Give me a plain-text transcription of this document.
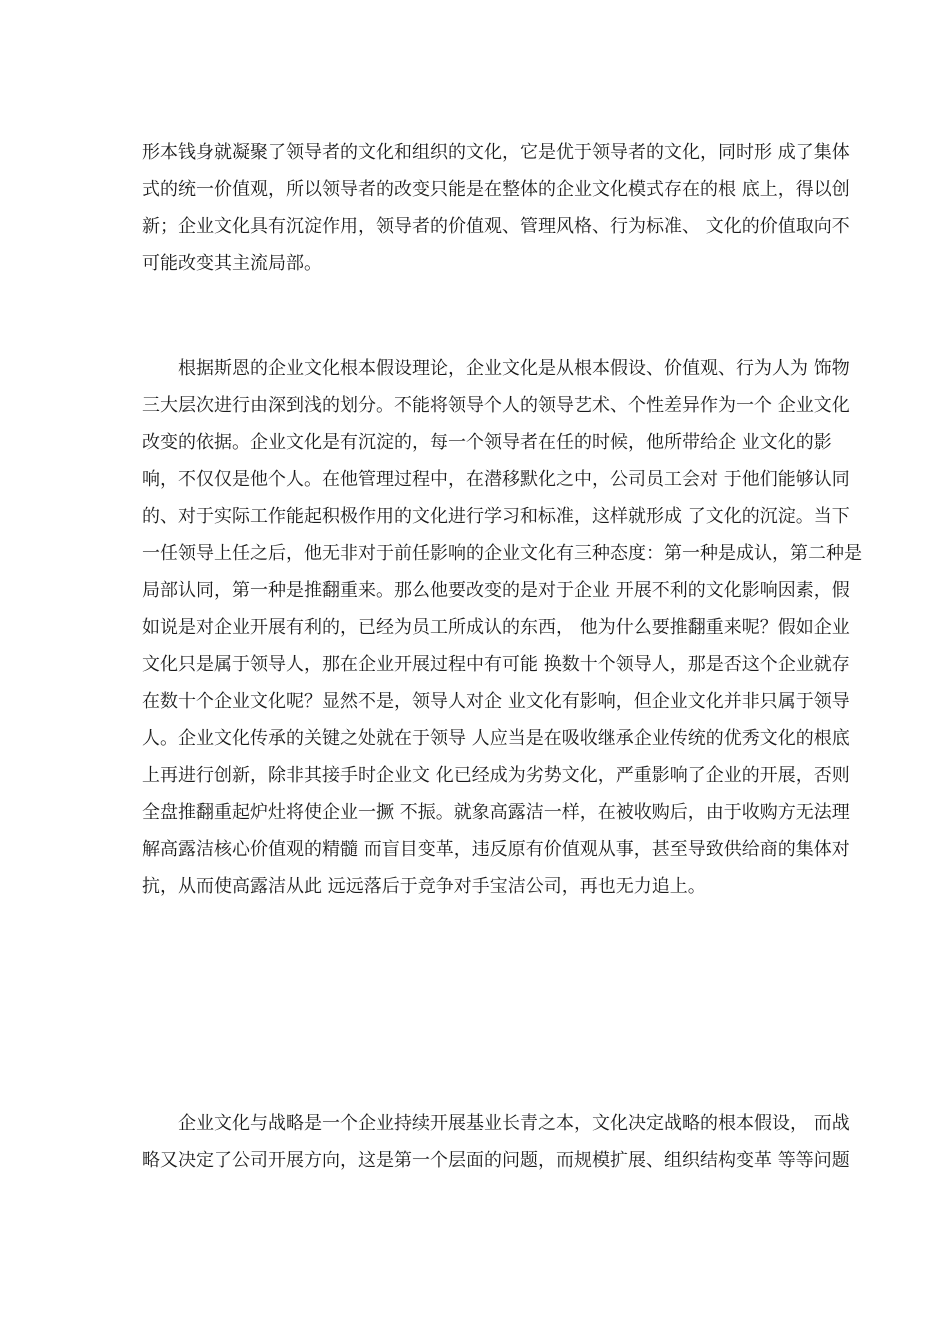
形本钱身就凝聚了领导者的文化和组织的文化，它是优于领导者的文化，同时形 成了集体
式的统一价值观，所以领导者的改变只能是在整体的企业文化模式存在的根 底上，得以创
新；企业文化具有沉淀作用，领导者的价值观、管理风格、行为标准、 文化的价值取向不
可能改变其主流局部。
根据斯恩的企业文化根本假设理论，企业文化是从根本假设、价值观、行为人为 饰物
三大层次进行由深到浅的划分。不能将领导个人的领导艺术、个性差异作为一个 企业文化
改变的依据。企业文化是有沉淀的，每一个领导者在任的时候，他所带给企 业文化的影
响，不仅仅是他个人。在他管理过程中，在潜移默化之中，公司员工会对 于他们能够认同
的、对于实际工作能起积极作用的文化进行学习和标准，这样就形成 了文化的沉淀。当下
一任领导上任之后，他无非对于前任影响的企业文化有三种态度：第一种是成认，第二种是
局部认同，第一种是推翻重来。那么他要改变的是对于企业 开展不利的文化影响因素，假
如说是对企业开展有利的，已经为员工所成认的东西， 他为什么要推翻重来呢？假如企业
文化只是属于领导人，那在企业开展过程中有可能 换数十个领导人，那是否这个企业就存
在数十个企业文化呢？显然不是，领导人对企 业文化有影响，但企业文化并非只属于领导
人。企业文化传承的关键之处就在于领导 人应当是在吸收继承企业传统的优秀文化的根底
上再进行创新，除非其接手时企业文 化已经成为劣势文化，严重影响了企业的开展，否则
全盘推翻重起炉灶将使企业一撅 不振。就象高露洁一样，在被收购后，由于收购方无法理
解高露洁核心价值观的精髓 而盲目变革，违反原有价值观从事，甚至导致供给商的集体对
抗，从而使高露洁从此 远远落后于竞争对手宝洁公司，再也无力追上。
企业文化与战略是一个企业持续开展基业长青之本，文化决定战略的根本假设， 而战
略又决定了公司开展方向，这是第一个层面的问题，而规模扩展、组织结构变革 等等问题
